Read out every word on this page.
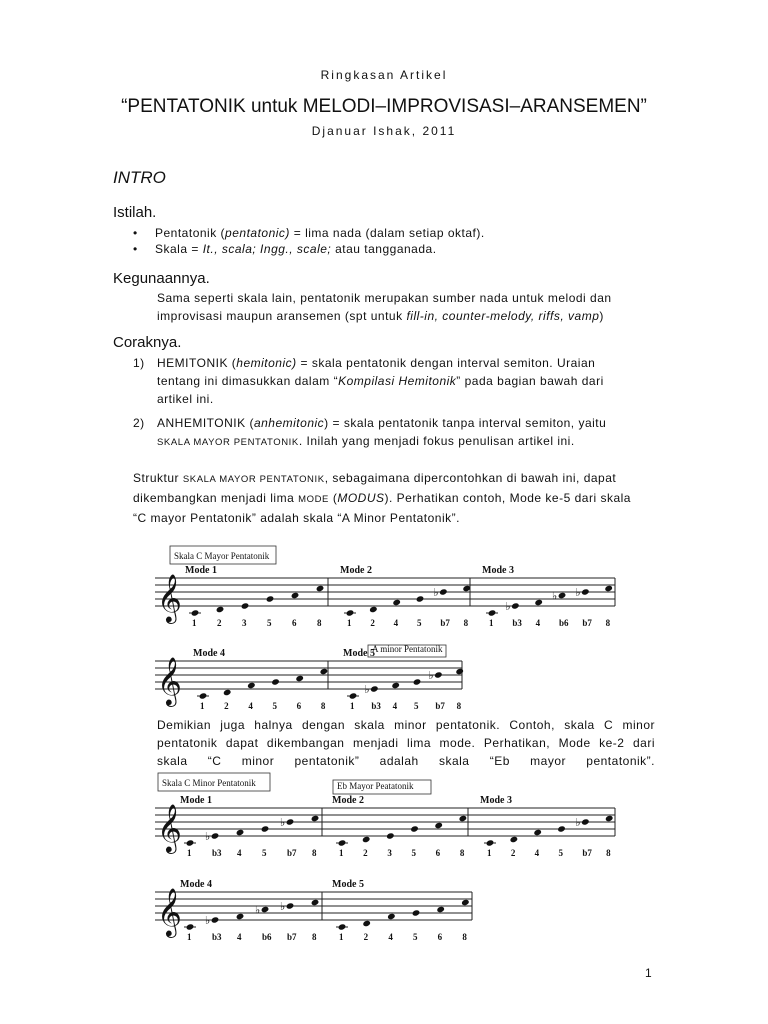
Ringkasan Artikel
“PENTATONIK untuk MELODI–IMPROVISASI–ARANSEMEN”
Djanuar Ishak, 2011
INTRO
Istilah.
• Pentatonik (pentatonic) = lima nada (dalam setiap oktaf).
• Skala = It., scala; Ingg., scale; atau tangganada.
Kegunaannya.
Sama seperti skala lain, pentatonik merupakan sumber nada untuk melodi dan
improvisasi maupun aransemen (spt untuk fill-in, counter-melody, riffs, vamp)
Coraknya.
1) HEMITONIK (hemitonic) = skala pentatonik dengan interval semiton. Uraian
tentang ini dimasukkan dalam “Kompilasi Hemitonik” pada bagian bawah dari
artikel ini.
2) ANHEMITONIK (anhemitonic) = skala pentatonik tanpa interval semiton, yaitu
SKALA MAYOR PENTATONIK. Inilah yang menjadi fokus penulisan artikel ini.
Struktur SKALA MAYOR PENTATONIK, sebagaimana dipercontohkan di bawah ini, dapat
dikembangkan menjadi lima MODE (MODUS). Perhatikan contoh, Mode ke-5 dari skala
“C mayor Pentatonik” adalah skala “A Minor Pentatonik”.
Skala C Mayor Pentatonik
𝄞
Mode 1
1 2 3 5 6 8
Mode 2
1 2 4 5
♭
b7 8
Mode 3
1
♭
b3 4
♭
b6
♭
b7 8
𝄞
A minor Pentatonik
Mode 4
1 2 4 5 6 8
Mode 5
1
♭
b3 4 5
♭
b7 8
Skala C Minor Pentatonik	Eb Mayor Peatatonik
𝄞
Mode 1
1
♭
b3 4 5
♭
b7 8
Mode 2
1 2 3 5 6 8
Mode 3
1 2 4 5
♭
b7 8
𝄞
Mode 4
1
♭
b3 4
♭
b6
♭
b7 8
Mode 5
1 2 4 5 6 8
Demikian juga halnya dengan skala minor pentatonik. Contoh, skala C minor
pentatonik dapat dikembangan menjadi lima mode. Perhatikan, Mode ke-2 dari
skala “C minor pentatonik” adalah skala “Eb mayor pentatonik”.
1
